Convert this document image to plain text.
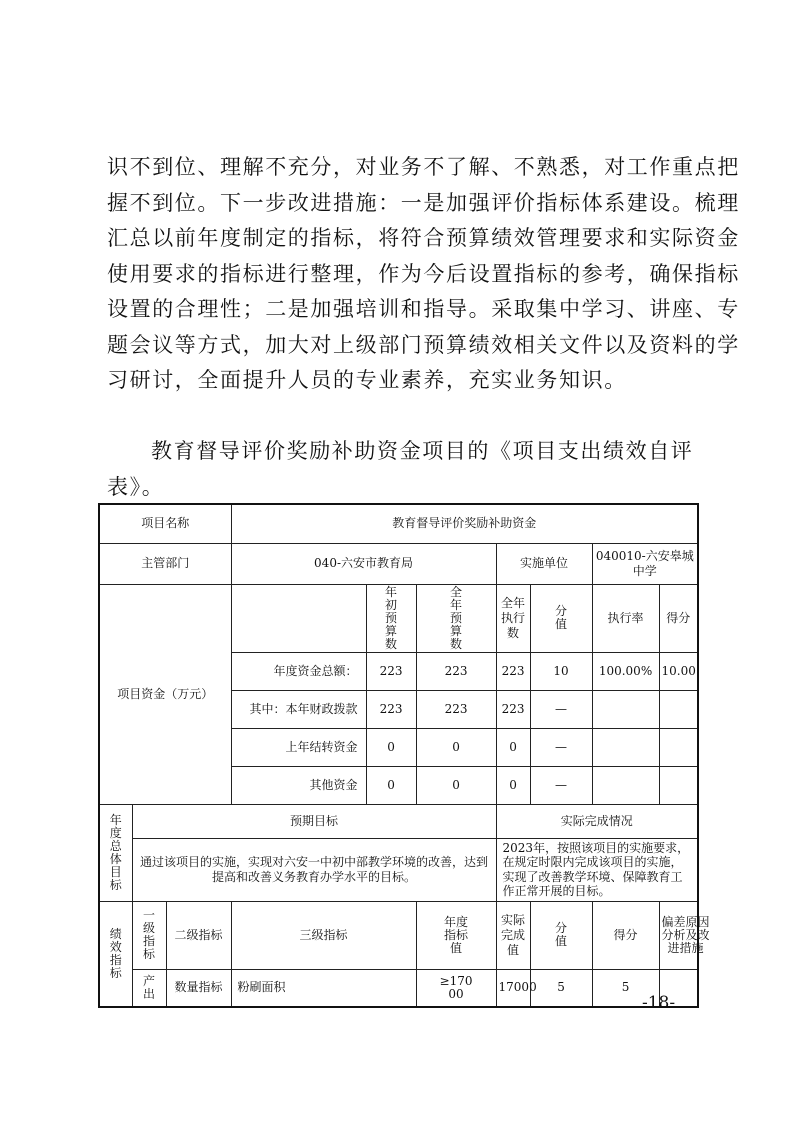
识不到位、理解不充分，对业务不了解、不熟悉，对工作重点把
握不到位。下一步改进措施：一是加强评价指标体系建设。梳理
汇总以前年度制定的指标，将符合预算绩效管理要求和实际资金
使用要求的指标进行整理，作为今后设置指标的参考，确保指标
设置的合理性；二是加强培训和指导。采取集中学习、讲座、专
题会议等方式，加大对上级部门预算绩效相关文件以及资料的学
习研讨，全面提升人员的专业素养，充实业务知识。

教育督导评价奖励补助资金项目的《项目支出绩效自评表》。

项目名称			教育督导评价奖励补助资金						
主管部门			040-六安市教育局			实施单位		040010-六安皋城中学	
项目资金（万元）				年初预算数	全年预算数	全年执行数	分值	执行率	得分
			年度资金总额：	223	223	223	10	100.00%	10.00
			其中：本年财政拨款	223	223	223	—		
			上年结转资金	0	0	0	—		
			其他资金	0	0	0	—		

年度总体目标	预期目标					实际完成情况			
	通过该项目的实施，实现对六安一中初中部教学环境的改善，达到提高和改善义务教育办学水平的目标。					2023年，按照该项目的实施要求，在规定时限内完成该项目的实施，实现了改善教学环境、保障教育工作正常开展的目标。			

绩效指标	一级指标	二级指标	三级指标		年度指标值	实际完成值	分值	得分	偏差原因分析及改进措施

	产出	数量指标	粉刷面积		≥17000	17000	5	5	

-18-
